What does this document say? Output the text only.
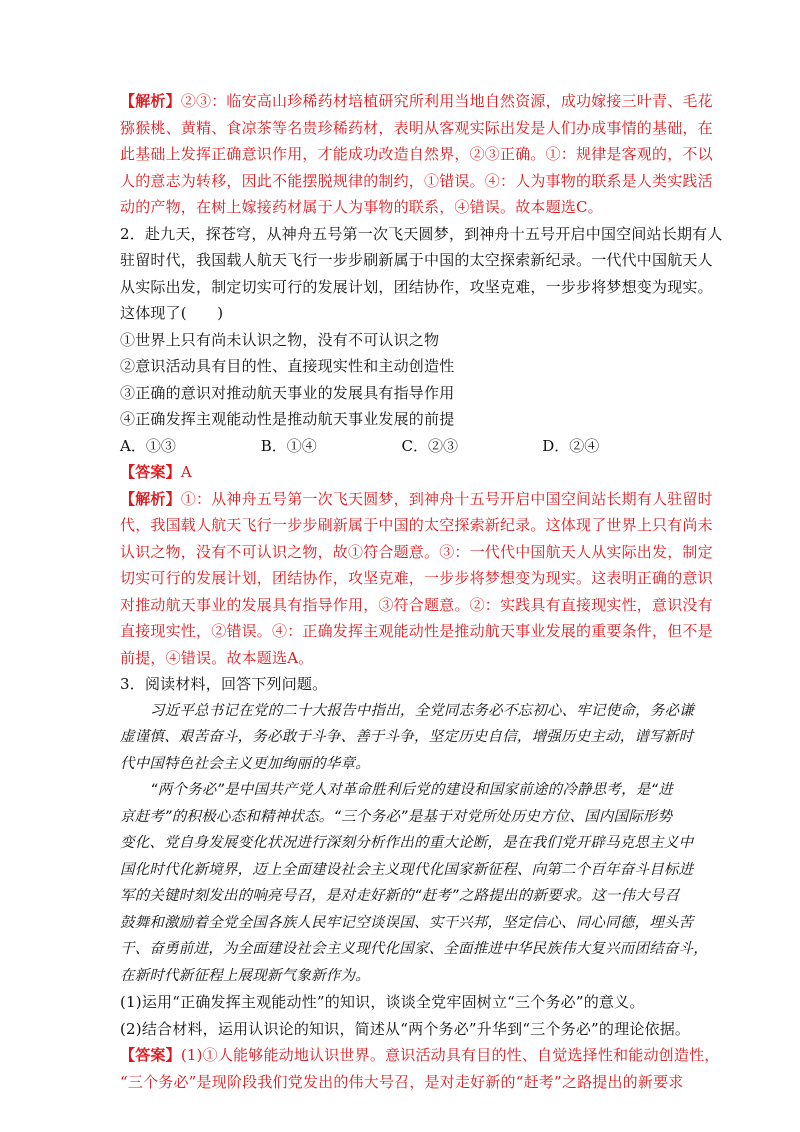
【解析】②③：临安高山珍稀药材培植研究所利用当地自然资源，成功嫁接三叶青、毛花
猕猴桃、黄精、食凉茶等名贵珍稀药材，表明从客观实际出发是人们办成事情的基础，在
此基础上发挥正确意识作用，才能成功改造自然界，②③正确。①：规律是客观的，不以
人的意志为转移，因此不能摆脱规律的制约，①错误。④：人为事物的联系是人类实践活
动的产物，在树上嫁接药材属于人为事物的联系，④错误。故本题选C。
2．赴九天，探苍穹，从神舟五号第一次飞天圆梦，到神舟十五号开启中国空间站长期有人
驻留时代，我国载人航天飞行一步步刷新属于中国的太空探索新纪录。一代代中国航天人
从实际出发，制定切实可行的发展计划，团结协作，攻坚克难，一步步将梦想变为现实。
这体现了(　　)
①世界上只有尚未认识之物，没有不可认识之物
②意识活动具有目的性、直接现实性和主动创造性
③正确的意识对推动航天事业的发展具有指导作用
④正确发挥主观能动性是推动航天事业发展的前提
A．①③	B．①④	C．②③	D．②④
【答案】A
【解析】①：从神舟五号第一次飞天圆梦，到神舟十五号开启中国空间站长期有人驻留时
代，我国载人航天飞行一步步刷新属于中国的太空探索新纪录。这体现了世界上只有尚未
认识之物，没有不可认识之物，故①符合题意。③：一代代中国航天人从实际出发，制定
切实可行的发展计划，团结协作，攻坚克难，一步步将梦想变为现实。这表明正确的意识
对推动航天事业的发展具有指导作用，③符合题意。②：实践具有直接现实性，意识没有
直接现实性，②错误。④：正确发挥主观能动性是推动航天事业发展的重要条件，但不是
前提，④错误。故本题选A。
3．阅读材料，回答下列问题。
习近平总书记在党的二十大报告中指出，全党同志务必不忘初心、牢记使命，务必谦
虚谨慎、艰苦奋斗，务必敢于斗争、善于斗争，坚定历史自信，增强历史主动，谱写新时
代中国特色社会主义更加绚丽的华章。
“两个务必”是中国共产党人对革命胜利后党的建设和国家前途的冷静思考，是“进
京赶考”的积极心态和精神状态。“三个务必”是基于对党所处历史方位、国内国际形势
变化、党自身发展变化状况进行深刻分析作出的重大论断，是在我们党开辟马克思主义中
国化时代化新境界，迈上全面建设社会主义现代化国家新征程、向第二个百年奋斗目标进
军的关键时刻发出的响亮号召，是对走好新的“赶考”之路提出的新要求。这一伟大号召
鼓舞和激励着全党全国各族人民牢记空谈误国、实干兴邦，坚定信心、同心同德，埋头苦
干、奋勇前进，为全面建设社会主义现代化国家、全面推进中华民族伟大复兴而团结奋斗，
在新时代新征程上展现新气象新作为。
(1)运用“正确发挥主观能动性”的知识，谈谈全党牢固树立“三个务必”的意义。
(2)结合材料，运用认识论的知识，简述从“两个务必”升华到“三个务必”的理论依据。
【答案】(1)①人能够能动地认识世界。意识活动具有目的性、自觉选择性和能动创造性，
“三个务必”是现阶段我们党发出的伟大号召，是对走好新的“赶考”之路提出的新要求
